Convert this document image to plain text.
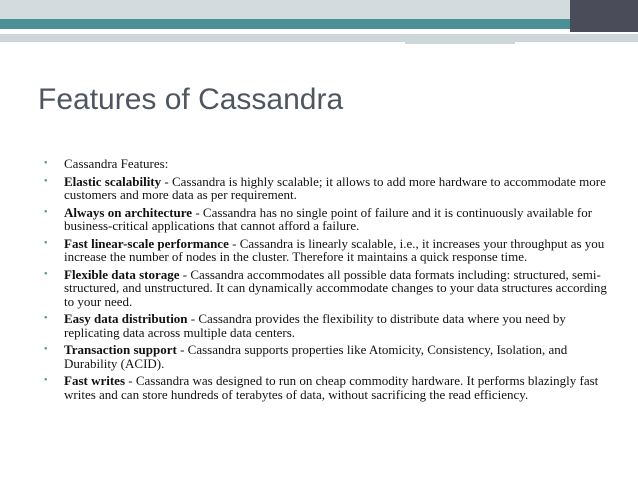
Features of Cassandra
• Cassandra Features:
• Elastic scalability - Cassandra is highly scalable; it allows to add more hardware to accommodate more customers and more data as per requirement.
• Always on architecture - Cassandra has no single point of failure and it is continuously available for business-critical applications that cannot afford a failure.
• Fast linear-scale performance - Cassandra is linearly scalable, i.e., it increases your throughput as you increase the number of nodes in the cluster. Therefore it maintains a quick response time.
• Flexible data storage - Cassandra accommodates all possible data formats including: structured, semi-structured, and unstructured. It can dynamically accommodate changes to your data structures according to your need.
• Easy data distribution - Cassandra provides the flexibility to distribute data where you need by replicating data across multiple data centers.
• Transaction support - Cassandra supports properties like Atomicity, Consistency, Isolation, and Durability (ACID).
• Fast writes - Cassandra was designed to run on cheap commodity hardware. It performs blazingly fast writes and can store hundreds of terabytes of data, without sacrificing the read efficiency.
